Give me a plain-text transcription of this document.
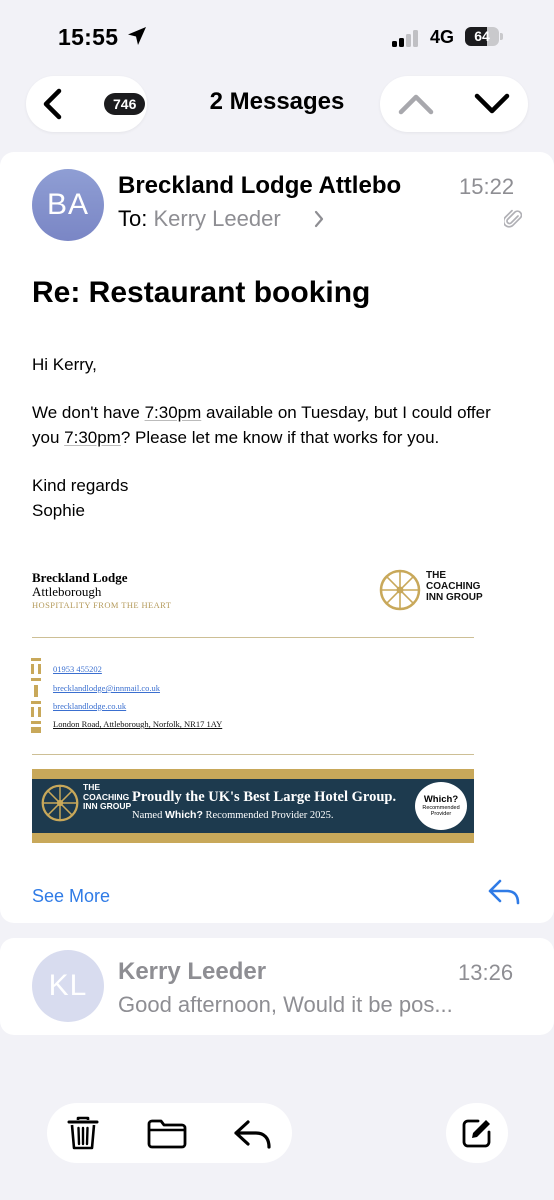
15:55	4G	64
746	2 Messages
BA
Breckland Lodge Attlebo	15:22
To: Kerry Leeder
Re: Restaurant booking

Hi Kerry,

We don't have 7:30pm available on Tuesday, but I could offer you 7:30pm? Please let me know if that works for you.

Kind regards

Sophie

Breckland Lodge
Attleborough
HOSPITALITY FROM THE HEART
THE
COACHING
INN GROUP
01953 455202
brecklandlodge@innmail.co.uk
brecklandlodge.co.uk
London Road, Attleborough, Norfolk, NR17 1AY
THE
COACHING
INN GROUP
Proudly the UK's Best Large Hotel Group.
Named Which? Recommended Provider 2025.
Which?
Recommended
Provider
See More
KL	Kerry Leeder	13:26
Good afternoon, Would it be pos...
